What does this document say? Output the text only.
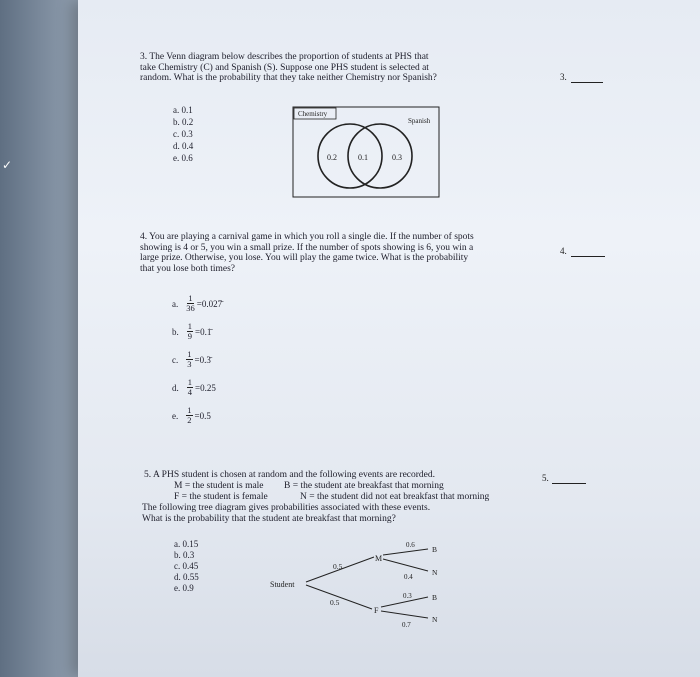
✓
3. The Venn diagram below describes the proportion of students at PHS that
take Chemistry (C) and Spanish (S). Suppose one PHS student is selected at
random. What is the probability that they take neither Chemistry nor Spanish?
a. 0.1
b. 0.2
c. 0.3
d. 0.4
e. 0.6
Chemistry
Spanish
0.2	0.1	0.3
3.
4. You are playing a carnival game in which you roll a single die. If the number of spots
showing is 4 or 5, you win a small prize. If the number of spots showing is 6, you win a
large prize. Otherwise, you lose. You will play the game twice. What is the probability
that you lose both times?
a. $\frac{1}{36}$ =0.027̄
b. $\frac{1}{9}$ =0.1̄
c. $\frac{1}{3}$ =0.3̄
d. $\frac{1}{4} =0.25$
e. $\frac{1}{2} =0.5$
4.
5. A PHS student is chosen at random and the following events are recorded.
M = the student is male B = the student ate breakfast that morning
F = the student is female	N = the student did not eat breakfast that morning
The following tree diagram gives probabilities associated with these events.
What is the probability that the student ate breakfast that morning?
a. 0.15
b. 0.3
c. 0.45
d. 0.55
e. 0.9	Student
0.5
0.5
M
F
0.6
0.4
0.3
0.7
B
N
B
N
5.
